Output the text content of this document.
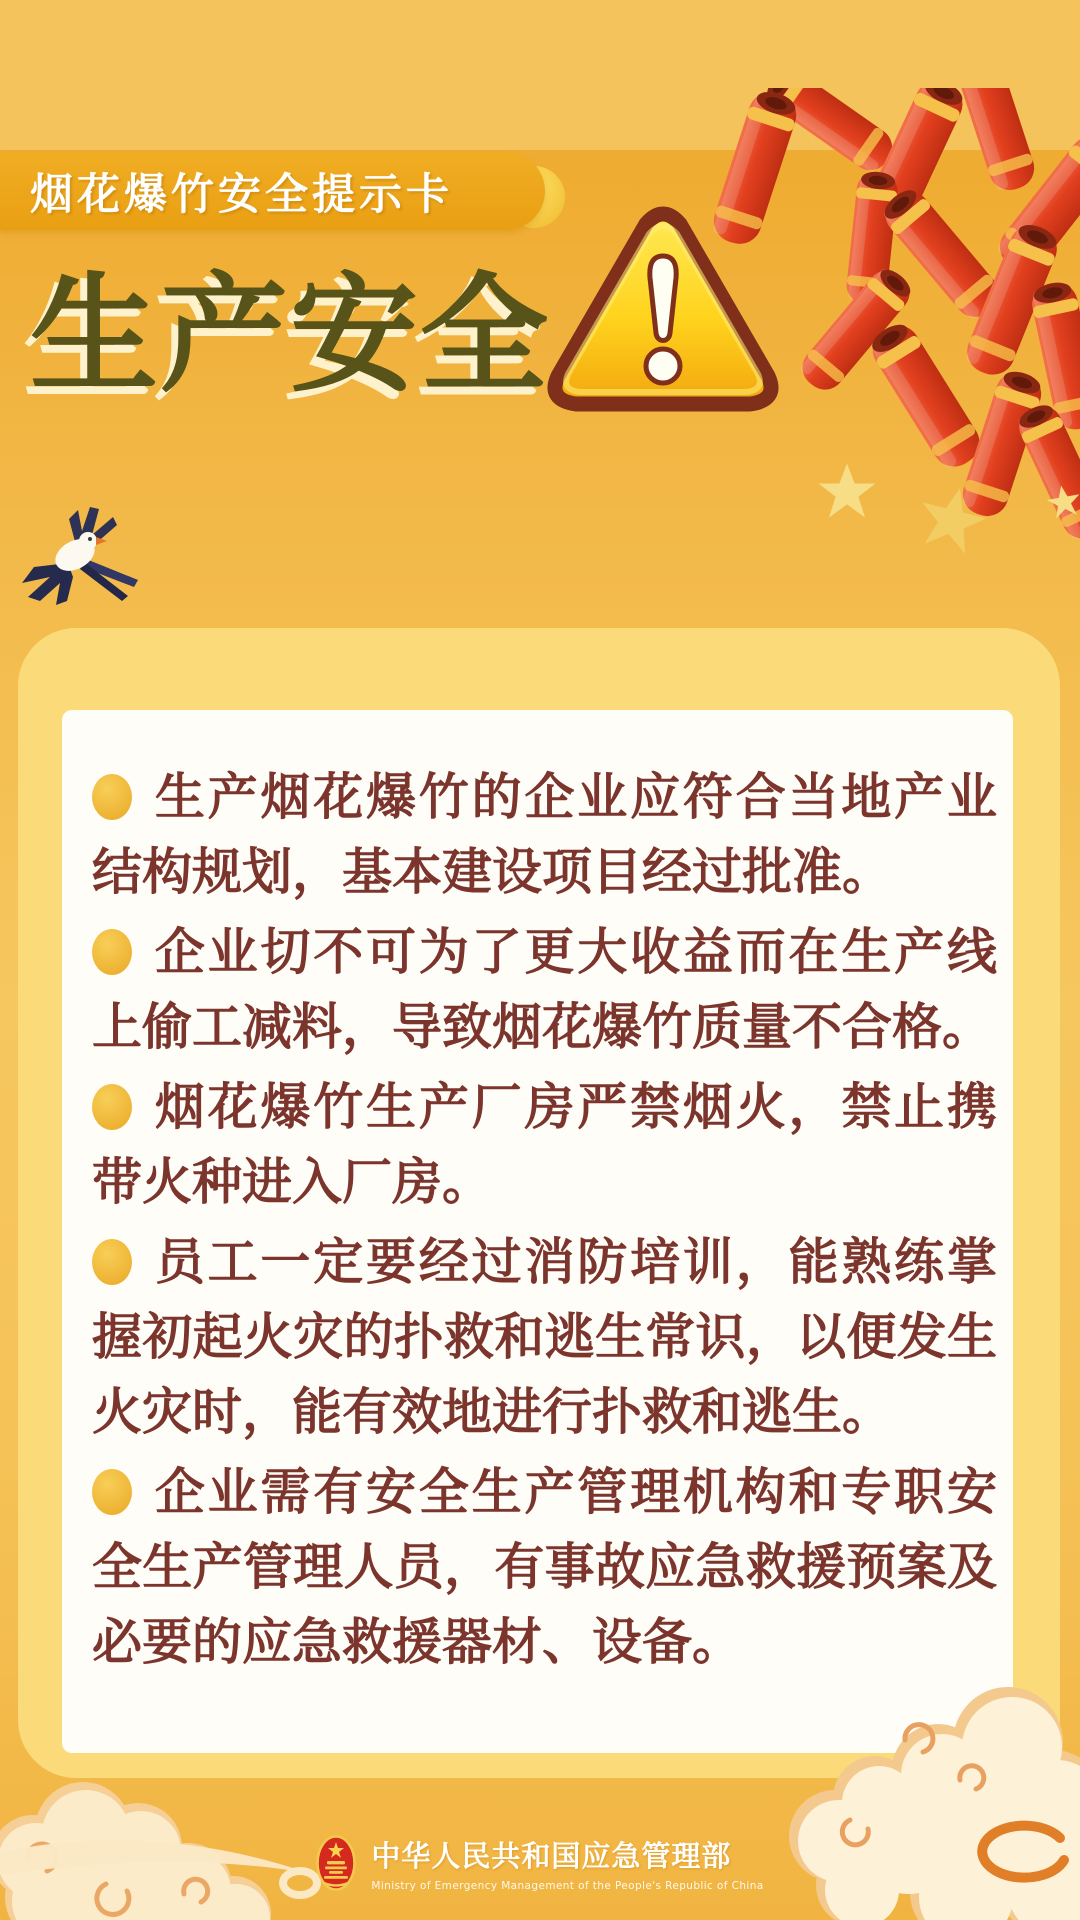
烟花爆竹安全提示卡
生产安全

生产烟花爆竹的企业应符合当地产业结构规划，基本建设项目经过批准。

企业切不可为了更大收益而在生产线上偷工减料，导致烟花爆竹质量不合格。

烟花爆竹生产厂房严禁烟火，禁止携带火种进入厂房。

员工一定要经过消防培训，能熟练掌握初起火灾的扑救和逃生常识，以便发生火灾时，能有效地进行扑救和逃生。

企业需有安全生产管理机构和专职安全生产管理人员，有事故应急救援预案及必要的应急救援器材、设备。

中华人民共和国应急管理部
Ministry of Emergency Management of the People's Republic of China
